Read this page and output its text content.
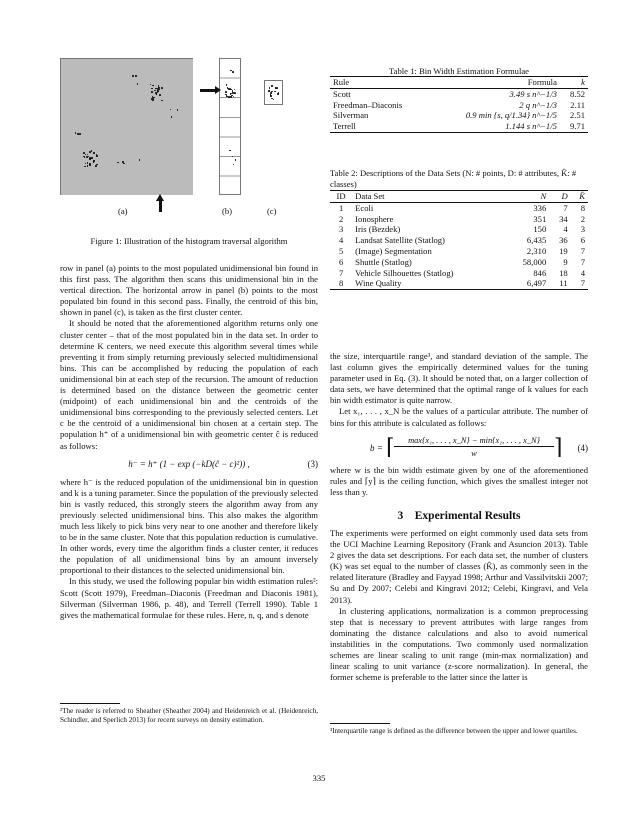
(a)	(b)	(c)
Figure 1: Illustration of the histogram traversal algorithm

row in panel (a) points to the most populated unidimensional bin found in this first pass. The algorithm then scans this unidimensional bin in the vertical direction. The horizontal arrow in panel (b) points to the most populated bin found in this second pass. Finally, the centroid of this bin, shown in panel (c), is taken as the first cluster center.

It should be noted that the aforementioned algorithm returns only one cluster center – that of the most populated bin in the data set. In order to determine K centers, we need execute this algorithm several times while preventing it from simply returning previously selected multidimensional bins. This can be accomplished by reducing the population of each unidimensional bin at each step of the recursion. The amount of reduction is determined based on the distance between the geometric center (midpoint) of each unidimensional bin and the centroids of the unidimensional bins corresponding to the previously selected centers. Let c be the centroid of a unidimensional bin chosen at a certain step. The population h⁺ of a unidimensional bin with geometric center ĉ is reduced as follows:

h⁻ = h⁺ (1 − exp (−kD(ĉ − c)²)) ,	(3)

where h⁻ is the reduced population of the unidimensional bin in question and k is a tuning parameter. Since the population of the previously selected bin is vastly reduced, this strongly steers the algorithm away from any previously selected unidimensional bins. This also makes the algorithm much less likely to pick bins very near to one another and therefore likely to be in the same cluster. Note that this population reduction is cumulative. In other words, every time the algorithm finds a cluster center, it reduces the population of all unidimensional bins by an amount inversely proportional to their distances to the selected unidimensional bin.

In this study, we used the following popular bin width estimation rules²: Scott (Scott 1979), Freedman–Diaconis (Freedman and Diaconis 1981), Silverman (Silverman 1986, p. 48), and Terrell (Terrell 1990). Table 1 gives the mathematical formulae for these rules. Here, n, q, and s denote

²The reader is referred to Sheather (Sheather 2004) and Heidenreich et al. (Heidenreich, Schindler, and Sperlich 2013) for recent surveys on density estimation.
Table 1: Bin Width Estimation Formulae
Rule	Formula	k
Scott	3.49 s n^−1/3	8.52
Freedman–Diaconis	2 q n^−1/3	2.11
Silverman	0.9 min {s, q/1.34} n^−1/5	2.51
Terrell	1.144 s n^−1/5	9.71
Table 2: Descriptions of the Data Sets (N: # points, D: # attributes, K̂: # classes)
ID	Data Set	N	D	K̂
1	Ecoli	336	7	8
2	Ionosphere	351	34	2
3	Iris (Bezdek)	150	4	3
4	Landsat Satellite (Statlog)	6,435	36	6
5	(Image) Segmentation	2,310	19	7
6	Shuttle (Statlog)	58,000	9	7
7	Vehicle Silhouettes (Statlog)	846	18	4
8	Wine Quality	6,497	11	7

the size, interquartile range³, and standard deviation of the sample. The last column gives the empirically determined values for the tuning parameter used in Eq. (3). It should be noted that, on a larger collection of data sets, we have determined that the optimal range of k values for each bin width estimator is quite narrow.

Let x₁, . . . , x_N be the values of a particular attribute. The number of bins for this attribute is calculated as follows:

b = ⌈	max{x₁, . . . , x_N} − min{x₁, . . . , x_N}
w	⌉ (4)

where w is the bin width estimate given by one of the aforementioned rules and ⌈y⌉ is the ceiling function, which gives the smallest integer not less than y.

3 Experimental Results

The experiments were performed on eight commonly used data sets from the UCI Machine Learning Repository (Frank and Asuncion 2013). Table 2 gives the data set descriptions. For each data set, the number of clusters (K) was set equal to the number of classes (K̂), as commonly seen in the related literature (Bradley and Fayyad 1998; Arthur and Vassilvitskii 2007; Su and Dy 2007; Celebi and Kingravi 2012; Celebi, Kingravi, and Vela 2013).

In clustering applications, normalization is a common preprocessing step that is necessary to prevent attributes with large ranges from dominating the distance calculations and also to avoid numerical instabilities in the computations. Two commonly used normalization schemes are linear scaling to unit range (min-max normalization) and linear scaling to unit variance (z-score normalization). In general, the former scheme is preferable to the latter since the latter is

³Interquartile range is defined as the difference between the upper and lower quartiles.
335
